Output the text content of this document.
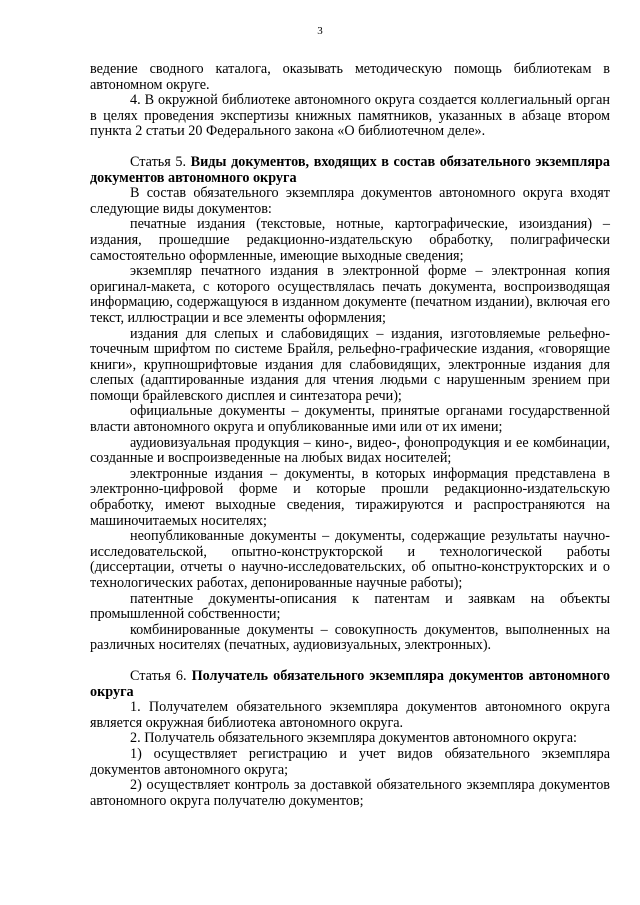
3

ведение сводного каталога, оказывать методическую помощь библиотекам в автономном округе.

4. В окружной библиотеке автономного округа создается коллегиальный орган в целях проведения экспертизы книжных памятников, указанных в абзаце втором пункта 2 статьи 20 Федерального закона «О библиотечном деле».

Статья 5. Виды документов, входящих в состав обязательного экземпляра документов автономного округа

В состав обязательного экземпляра документов автономного округа входят следующие виды документов:

печатные издания (текстовые, нотные, картографические, изоиздания) – издания, прошедшие редакционно-издательскую обработку, полиграфически самостоятельно оформленные, имеющие выходные сведения;

экземпляр печатного издания в электронной форме – электронная копия оригинал-макета, с которого осуществлялась печать документа, воспроизводящая информацию, содержащуюся в изданном документе (печатном издании), включая его текст, иллюстрации и все элементы оформления;

издания для слепых и слабовидящих – издания, изготовляемые рельефно-точечным шрифтом по системе Брайля, рельефно-графические издания, «говорящие книги», крупношрифтовые издания для слабовидящих, электронные издания для слепых (адаптированные издания для чтения людьми с нарушенным зрением при помощи брайлевского дисплея и синтезатора речи);

официальные документы – документы, принятые органами государственной власти автономного округа и опубликованные ими или от их имени;

аудиовизуальная продукция – кино-, видео-, фонопродукция и ее комбинации, созданные и воспроизведенные на любых видах носителей;

электронные издания – документы, в которых информация представлена в электронно-цифровой форме и которые прошли редакционно-издательскую обработку, имеют выходные сведения, тиражируются и распространяются на машиночитаемых носителях;

неопубликованные документы – документы, содержащие результаты научно-исследовательской, опытно-конструкторской и технологической работы (диссертации, отчеты о научно-исследовательских, об опытно-конструкторских и о технологических работах, депонированные научные работы);

патентные документы-описания к патентам и заявкам на объекты промышленной собственности;

комбинированные документы – совокупность документов, выполненных на различных носителях (печатных, аудиовизуальных, электронных).

Статья 6. Получатель обязательного экземпляра документов автономного округа

1. Получателем обязательного экземпляра документов автономного округа является окружная библиотека автономного округа.

2. Получатель обязательного экземпляра документов автономного округа:

1) осуществляет регистрацию и учет видов обязательного экземпляра документов автономного округа;

2) осуществляет контроль за доставкой обязательного экземпляра документов автономного округа получателю документов;
